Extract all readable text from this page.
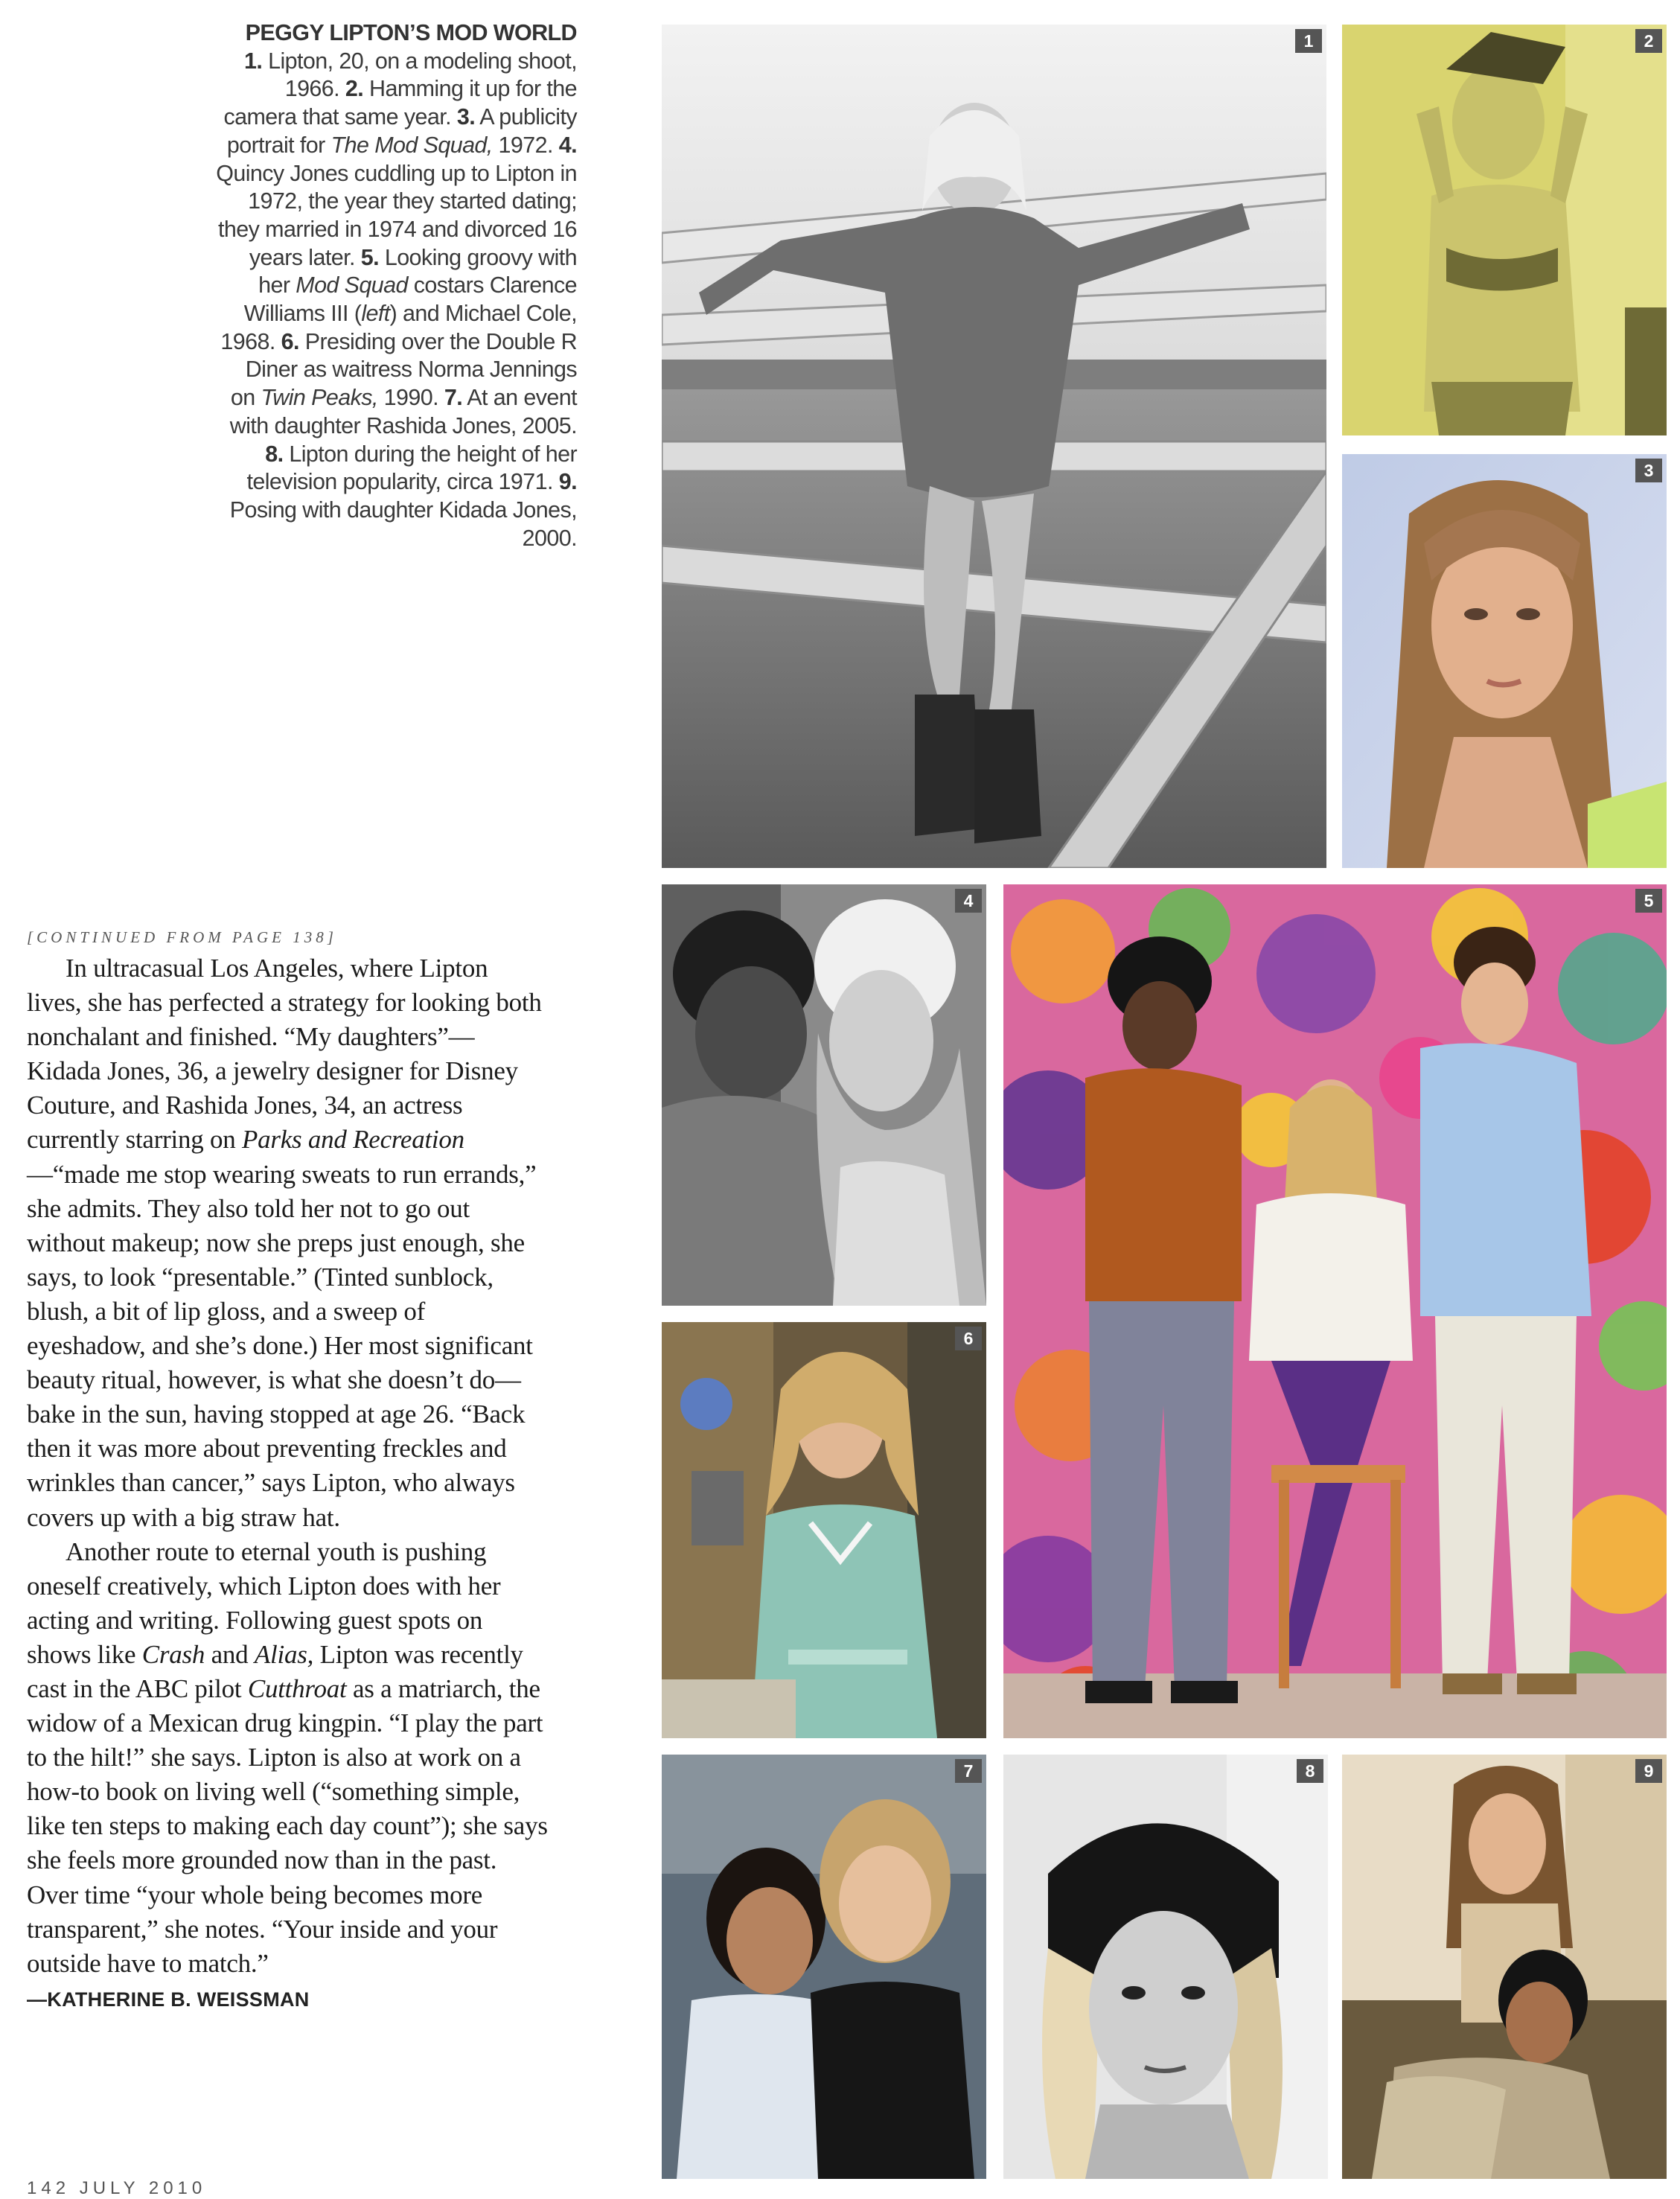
PEGGY LIPTON’S MOD WORLD
1. Lipton, 20, on a modeling shoot, 1966. 2. Hamming it up for the camera that same year. 3. A publicity portrait for The Mod Squad, 1972. 4. Quincy Jones cuddling up to Lipton in 1972, the year they started dating; they married in 1974 and divorced 16 years later. 5. Looking groovy with her Mod Squad costars Clarence Williams III (left) and Michael Cole, 1968. 6. Presiding over the Double R Diner as waitress Norma Jennings on Twin Peaks, 1990. 7. At an event with daughter Rashida Jones, 2005. 8. Lipton during the height of her television popularity, circa 1971. 9. Posing with daughter Kidada Jones, 2000.
1	2
3
4	5
6
7	8	9
[CONTINUED FROM PAGE 138]

In ultracasual Los Angeles, where Lipton lives, she has perfected a strategy for looking both nonchalant and finished. “My daughters”—Kidada Jones, 36, a jewelry designer for Disney Couture, and Rashida Jones, 34, an actress currently starring on Parks and Recreation—“made me stop wearing sweats to run errands,” she admits. They also told her not to go out without makeup; now she preps just enough, she says, to look “presentable.” (Tinted sunblock, blush, a bit of lip gloss, and a sweep of eyeshadow, and she’s done.) Her most significant beauty ritual, however, is what she doesn’t do—bake in the sun, having stopped at age 26. “Back then it was more about preventing freckles and wrinkles than cancer,” says Lipton, who always covers up with a big straw hat.

Another route to eternal youth is pushing oneself creatively, which Lipton does with her acting and writing. Following guest spots on shows like Crash and Alias, Lipton was recently cast in the ABC pilot Cutthroat as a matriarch, the widow of a Mexican drug kingpin. “I play the part to the hilt!” she says. Lipton is also at work on a how-to book on living well (“something simple, like ten steps to making each day count”); she says she feels more grounded now than in the past. Over time “your whole being becomes more transparent,” she notes. “Your inside and your outside have to match.” —KATHERINE B. WEISSMAN

142 JULY 2010
